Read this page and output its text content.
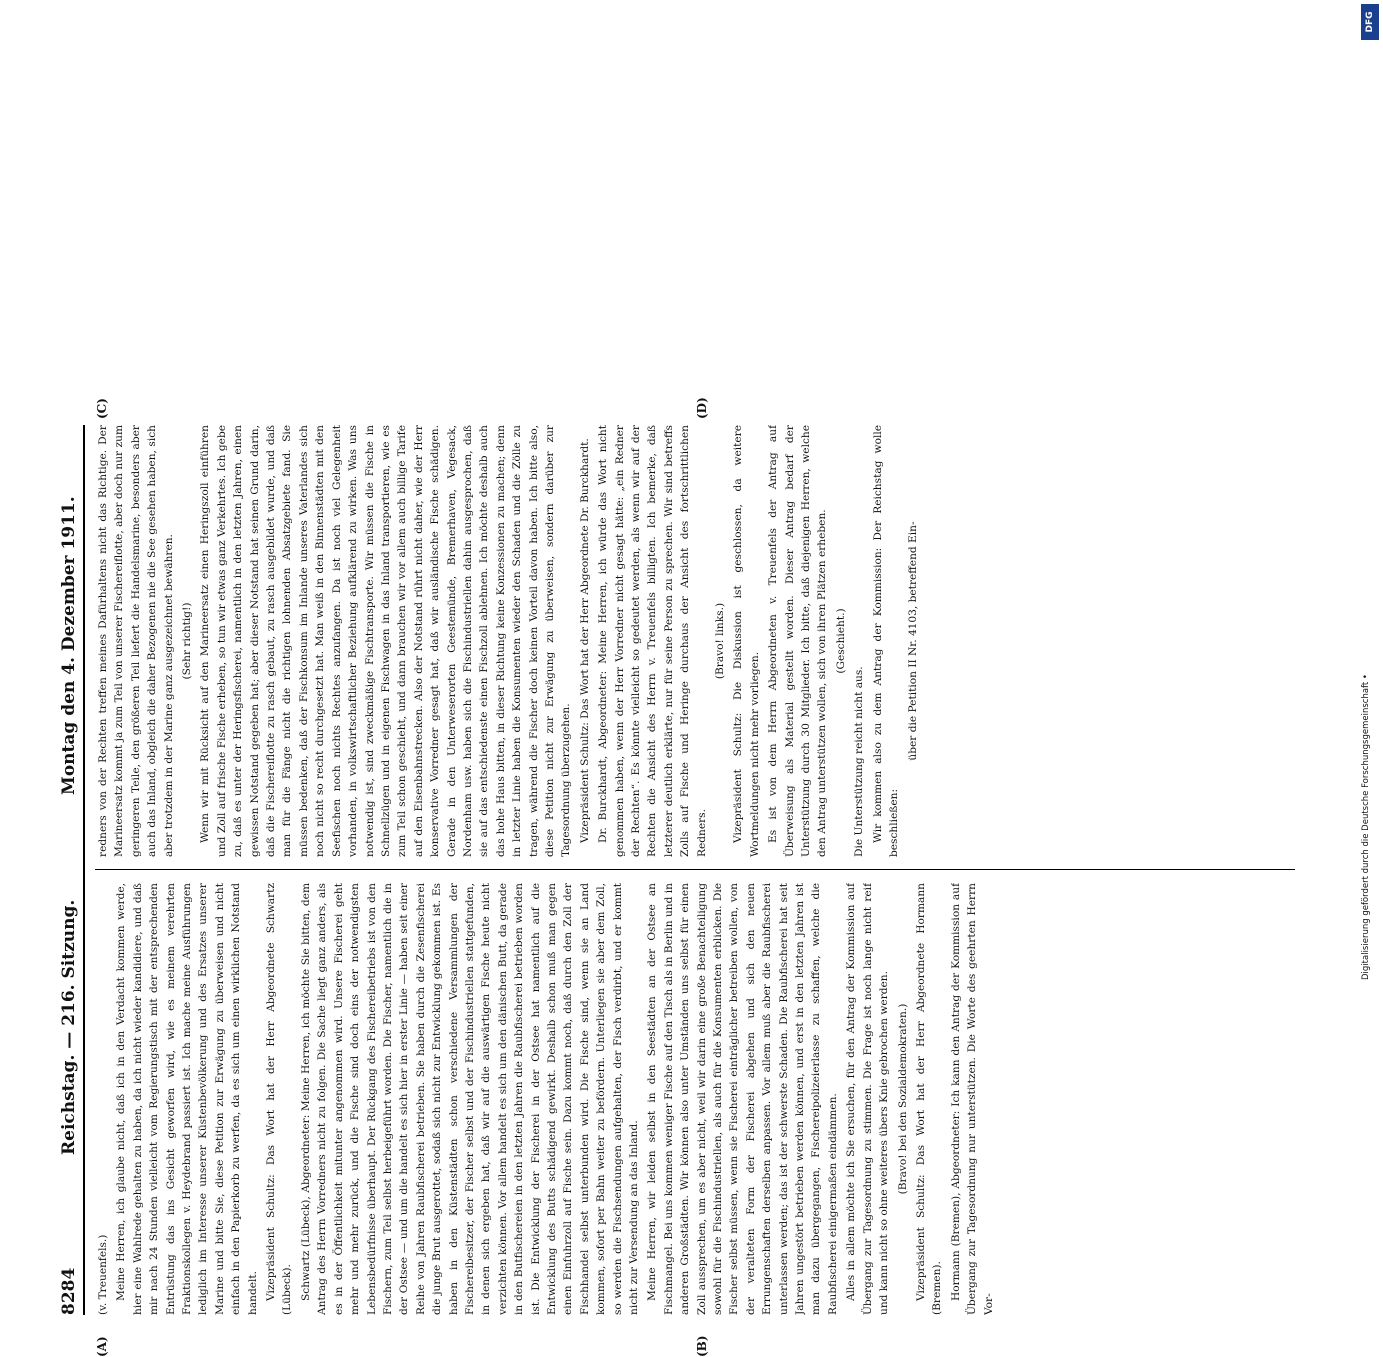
8284
Reichstag. — 216. Sitzung.
Montag den 4. Dezember 1911.
(A)	(B)
(C)	(D)

(v. Treuenfels.) Meine Herren, ich glaube nicht, daß ich in den Verdacht kommen werde, hier eine Wahlrede gehalten zu haben, da ich nicht wieder kandidiere, und daß mir nach 24 Stunden vielleicht vom Regierungstisch mit der entsprechenden Entrüstung das ins Gesicht geworfen wird, wie es meinem verehrten Fraktionskollegen v. Heydebrand passiert ist. Ich mache meine Ausführungen lediglich im Interesse unserer Küstenbevölkerung und des Ersatzes unserer Marine und bitte Sie, diese Petition zur Erwägung zu überweisen und nicht einfach in den Papierkorb zu werfen, da es sich um einen wirklichen Notstand handelt. Vizepräsident Schultz: Das Wort hat der Herr Abgeordnete Schwartz (Lübeck). Schwartz (Lübeck), Abgeordneter: Meine Herren, ich möchte Sie bitten, dem Antrag des Herrn Vorredners nicht zu folgen. Die Sache liegt ganz anders, als es in der Öffentlichkeit mitunter angenommen wird. Unsere Fischerei geht mehr und mehr zurück, und die Fische sind doch eins der notwendigsten Lebensbedürfnisse überhaupt. Der Rückgang des Fischereibetriebs ist von den Fischern, zum Teil selbst herbeigeführt worden. Die Fischer, namentlich die in der Ostsee — und um die handelt es sich hier in erster Linie — haben seit einer Reihe von Jahren Raubfischerei betrieben. Sie haben durch die Zesenfischerei die junge Brut ausgerottet, sodaß sich nicht zur Entwicklung gekommen ist. Es haben in den Küstenstädten schon verschiedene Versammlungen der Fischereibesitzer, der Fischer selbst und der Fischindustriellen stattgefunden, in denen sich ergeben hat, daß wir auf die auswärtigen Fische heute nicht verzichten können. Vor allem handelt es sich um den dänischen Butt, da gerade in den Butfischereien in den letzten Jahren die Raubfischerei betrieben worden ist. Die Entwicklung der Fischerei in der Ostsee hat namentlich auf die Entwicklung des Butts schädigend gewirkt. Deshalb schon muß man gegen einen Einfuhrzoll auf Fische sein. Dazu kommt noch, daß durch den Zoll der Fischhandel selbst unterbunden wird. Die Fische sind, wenn sie an Land kommen, sofort per Bahn weiter zu befördern. Unterliegen sie aber dem Zoll, so werden die Fischsendungen aufgehalten, der Fisch verdirbt, und er kommt nicht zur Versendung an das Inland. Meine Herren, wir leiden selbst in den Seestädten an der Ostsee an Fischmangel. Bei uns kommen weniger Fische auf den Tisch als in Berlin und in anderen Großstädten. Wir können also unter Umständen uns selbst für einen Zoll aussprechen, um es aber nicht, weil wir darin eine große Benachteiligung sowohl für die Fischindustriellen, als auch für die Konsumenten erblicken. Die Fischer selbst müssen, wenn sie Fischerei einträglicher betreiben wollen, von der veralteten Form der Fischerei abgehen und sich den neuen Errungenschaften derselben anpassen. Vor allem muß aber die Raubfischerei unterlassen werden; das ist der schwerste Schaden. Die Raubfischerei hat seit Jahren ungestört betrieben werden können, und erst in den letzten Jahren ist man dazu übergegangen, Fischereipolizeierlasse zu schaffen, welche die Raubfischerei einigermaßen eindämmen. Alles in allem möchte ich Sie ersuchen, für den Antrag der Kommission auf Übergang zur Tagesordnung zu stimmen. Die Frage ist noch lange nicht reif und kann nicht so ohne weiteres übers Knie gebrochen werden. (Bravo! bei den Sozialdemokraten.) Vizepräsident Schultz: Das Wort hat der Herr Abgeordnete Hormann (Bremen). Hormann (Bremen), Abgeordneter: Ich kann den Antrag der Kommission auf Übergang zur Tagesordnung nur unterstützen. Die Worte des geehrten Herrn Vor-

redners von der Rechten treffen meines Dafürhaltens nicht das Richtige. Der Marineersatz kommt ja zum Teil von unserer Fischereiflotte, aber doch nur zum geringeren Teile, den größeren Teil liefert die Handelsmarine, besonders aber auch das Inland, obgleich die daher Bezogenen nie die See gesehen haben, sich aber trotzdem in der Marine ganz ausgezeichnet bewähren. (Sehr richtig!) Wenn wir mit Rücksicht auf den Marineersatz einen Heringszoll einführen und Zoll auf frische Fische erheben, so tun wir etwas ganz Verkehrtes. Ich gebe zu, daß es unter der Heringsfischerei, namentlich in den letzten Jahren, einen gewissen Notstand gegeben hat; aber dieser Notstand hat seinen Grund darin, daß die Fischereiflotte zu rasch gebaut, zu rasch ausgebildet wurde, und daß man für die Fänge nicht die richtigen lohnenden Absatzgebiete fand. Sie müssen bedenken, daß der Fischkonsum im Inlande unseres Vaterlandes sich noch nicht so recht durchgesetzt hat. Man weiß in den Binnenstädten mit den Seefischen noch nichts Rechtes anzufangen. Da ist noch viel Gelegenheit vorhanden, in volkswirtschaftlicher Beziehung aufklärend zu wirken. Was uns notwendig ist, sind zweckmäßige Fischtransporte. Wir müssen die Fische in Schnellzügen und in eigenen Fischwagen in das Inland transportieren, wie es zum Teil schon geschieht, und dann brauchen wir vor allem auch billige Tarife auf den Eisenbahnstrecken. Also der Notstand rührt nicht daher, wie der Herr konservative Vorredner gesagt hat, daß wir ausländische Fische schädigen. Gerade in den Unterweserorten Geestemünde, Bremerhaven, Vegesack, Nordenham usw. haben sich die Fischindustriellen dahin ausgesprochen, daß sie auf das entschiedenste einen Fischzoll ablehnen. Ich möchte deshalb auch das hohe Haus bitten, in dieser Richtung keine Konzessionen zu machen; denn in letzter Linie haben die Konsumenten wieder den Schaden und die Zölle zu tragen, während die Fischer doch keinen Vorteil davon haben. Ich bitte also, diese Petition nicht zur Erwägung zu überweisen, sondern darüber zur Tagesordnung überzugehen. Vizepräsident Schultz: Das Wort hat der Herr Abgeordnete Dr. Burckhardt. Dr. Burckhardt, Abgeordneter: Meine Herren, ich würde das Wort nicht genommen haben, wenn der Herr Vorredner nicht gesagt hätte: „ein Redner der Rechten“. Es könnte vielleicht so gedeutet werden, als wenn wir auf der Rechten die Ansicht des Herrn v. Treuenfels billigten. Ich bemerke, daß letzterer deutlich erklärte, nur für seine Person zu sprechen. Wir sind betreffs Zolls auf Fische und Heringe durchaus der Ansicht des fortschrittlichen Redners.

(Bravo! links.) Vizepräsident Schultz: Die Diskussion ist geschlossen, da weitere Wortmeldungen nicht mehr vorliegen. Es ist von dem Herrn Abgeordneten v. Treuenfels der Antrag auf Überweisung als Material gestellt worden. Dieser Antrag bedarf der Unterstützung durch 30 Mitglieder. Ich bitte, daß diejenigen Herren, welche den Antrag unterstützen wollen, sich von ihren Plätzen erheben. (Geschieht.)

Die Unterstützung reicht nicht aus. Wir kommen also zu dem Antrag der Kommission: Der Reichstag wolle beschließen:

über die Petition II Nr. 4103, betreffend Ein-

DFG
Digitalisierung gefördert durch die Deutsche Forschungsgemeinschaft •
